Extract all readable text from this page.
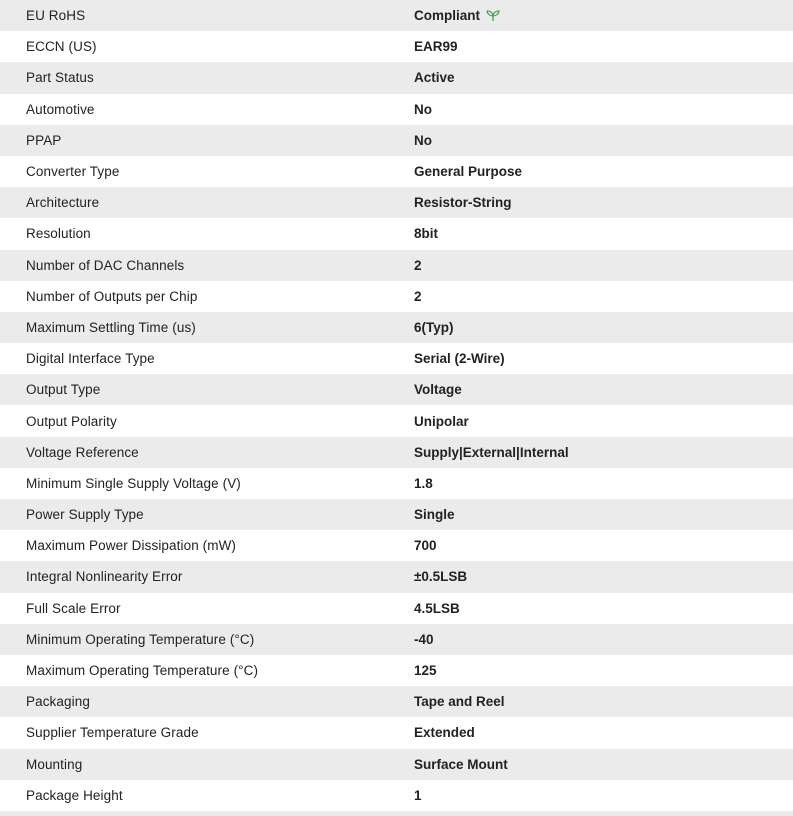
EU RoHS	Compliant
ECCN (US)	EAR99
Part Status	Active
Automotive	No
PPAP	No
Converter Type	General Purpose
Architecture	Resistor-String
Resolution	8bit
Number of DAC Channels	2
Number of Outputs per Chip	2
Maximum Settling Time (us)	6(Typ)
Digital Interface Type	Serial (2-Wire)
Output Type	Voltage
Output Polarity	Unipolar
Voltage Reference	Supply|External|Internal
Minimum Single Supply Voltage (V)	1.8
Power Supply Type	Single
Maximum Power Dissipation (mW)	700
Integral Nonlinearity Error	±0.5LSB
Full Scale Error	4.5LSB
Minimum Operating Temperature (°C)	-40
Maximum Operating Temperature (°C)	125
Packaging	Tape and Reel
Supplier Temperature Grade	Extended
Mounting	Surface Mount
Package Height	1
